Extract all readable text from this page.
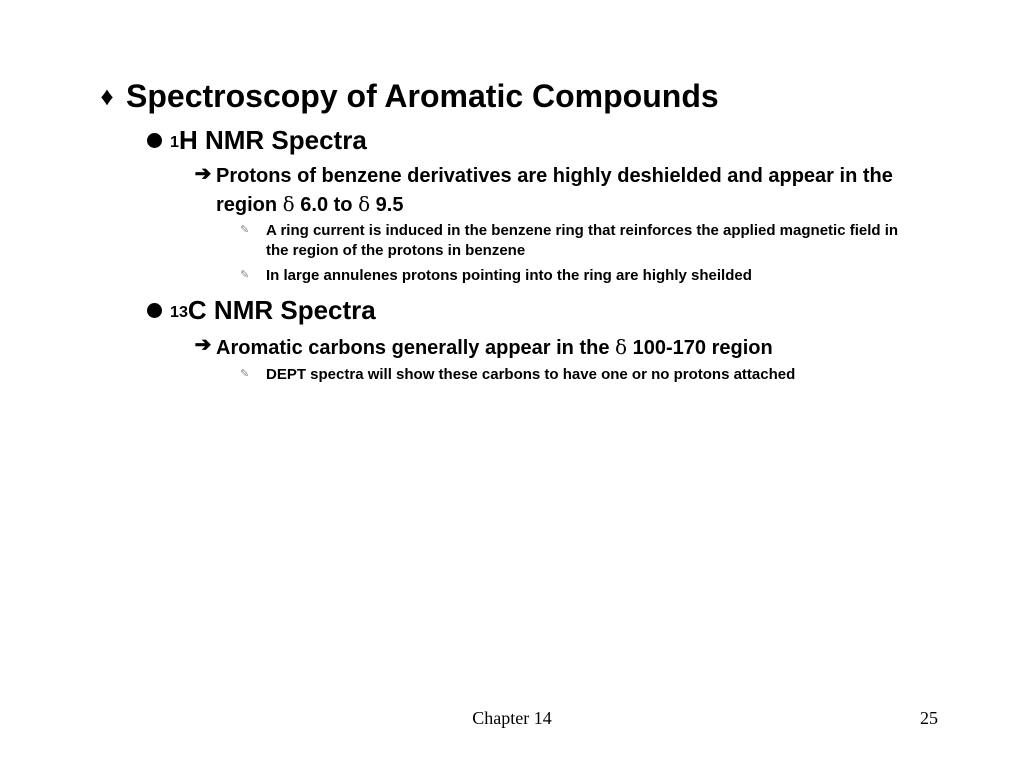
♦ Spectroscopy of Aromatic Compounds
$^1$H NMR Spectra
➔ Protons of benzene derivatives are highly deshielded and appear in the region δ 6.0 to δ 9.5
✎	A ring current is induced in the benzene ring that reinforces the applied magnetic field in the region of the protons in benzene
✎	In large annulenes protons pointing into the ring are highly sheilded
$^{13}$C NMR Spectra
➔ Aromatic carbons generally appear in the δ 100-170 region
✎	DEPT spectra will show these carbons to have one or no protons attached
Chapter 14	25
